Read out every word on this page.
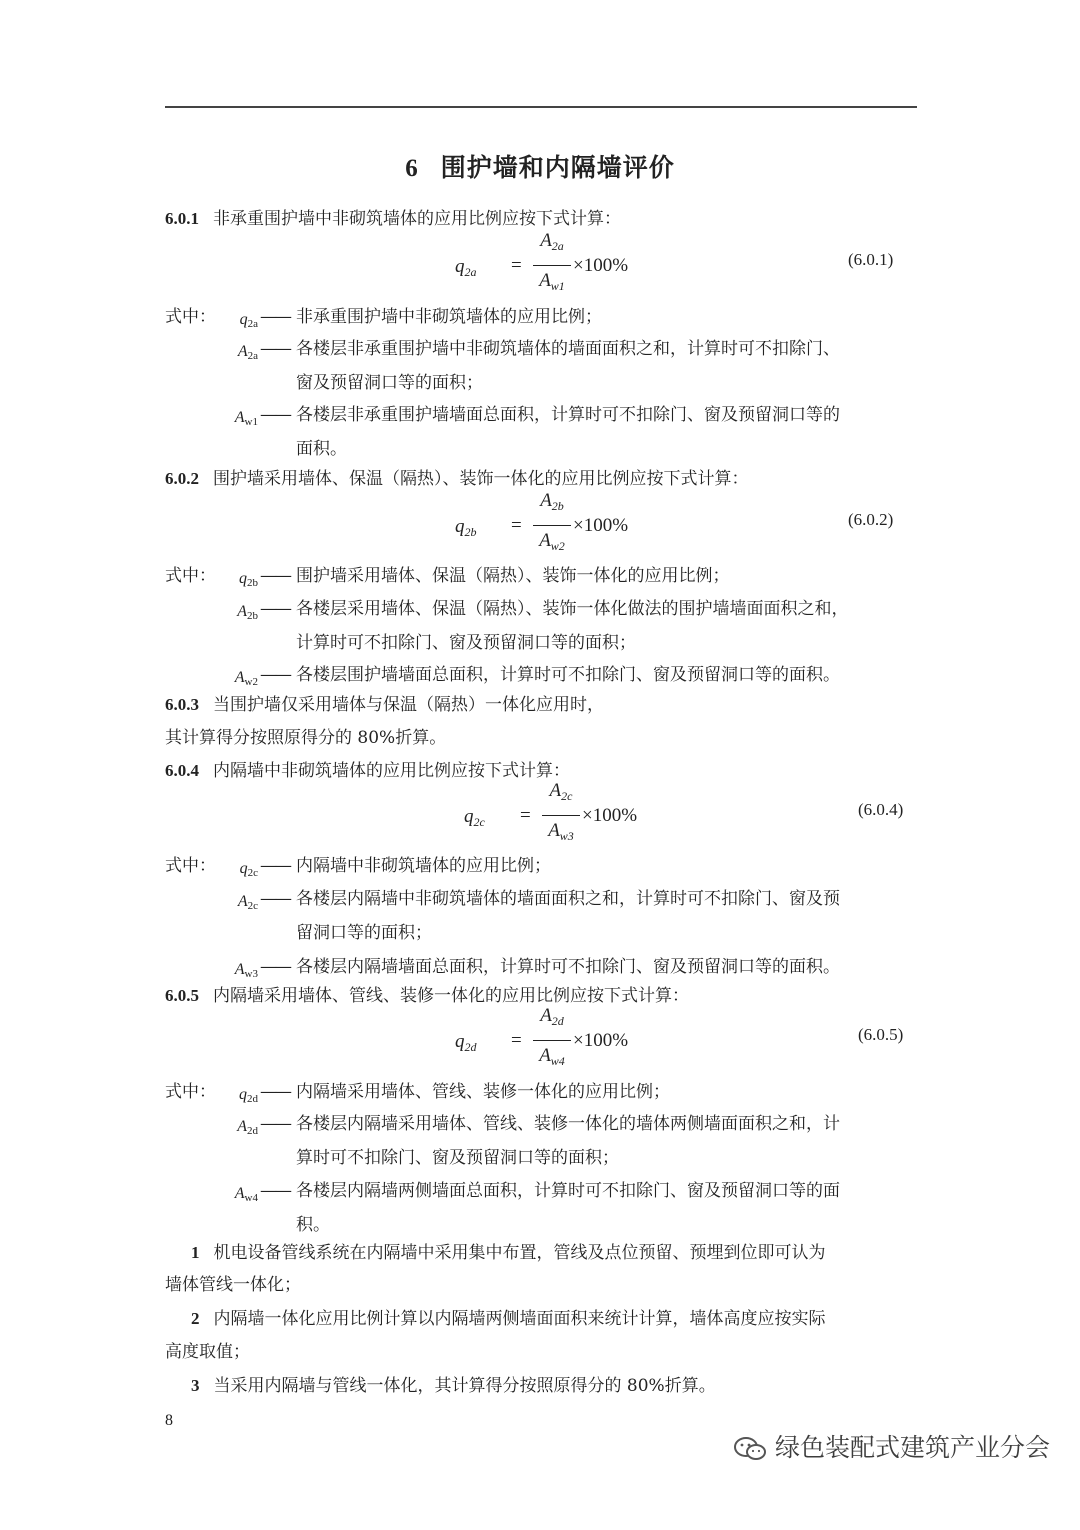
6 围护墙和内隔墙评价
6.0.1 非承重围护墙中非砌筑墙体的应用比例应按下式计算：
$q_{2a}$ =
$A_{2a}$
$A_{w1}$
×100%	(6.0.1)
式中：	$q_{2a}$ —— 非承重围护墙中非砌筑墙体的应用比例；
$A_{2a}$ —— 各楼层非承重围护墙中非砌筑墙体的墙面面积之和，计算时可不扣除门、
窗及预留洞口等的面积；
$A_{w1}$ —— 各楼层非承重围护墙墙面总面积，计算时可不扣除门、窗及预留洞口等的
面积。
6.0.2 围护墙采用墙体、保温（隔热）、装饰一体化的应用比例应按下式计算：
$q_{2b}$ =
$A_{2b}$
$A_{w2}$
×100%	(6.0.2)
式中：	$q_{2b}$ —— 围护墙采用墙体、保温（隔热）、装饰一体化的应用比例；
$A_{2b}$ —— 各楼层采用墙体、保温（隔热）、装饰一体化做法的围护墙墙面面积之和，
计算时可不扣除门、窗及预留洞口等的面积；
$A_{w2}$ —— 各楼层围护墙墙面总面积，计算时可不扣除门、窗及预留洞口等的面积。
6.0.3 当围护墙仅采用墙体与保温（隔热）一体化应用时，
其计算得分按照原得分的 80%折算。
6.0.4 内隔墙中非砌筑墙体的应用比例应按下式计算：
$q_{2c}$ =
$A_{2c}$
$A_{w3}$
×100%	(6.0.4)
式中：	$q_{2c}$ —— 内隔墙中非砌筑墙体的应用比例；
$A_{2c}$ —— 各楼层内隔墙中非砌筑墙体的墙面面积之和，计算时可不扣除门、窗及预
留洞口等的面积；
$A_{w3}$ —— 各楼层内隔墙墙面总面积，计算时可不扣除门、窗及预留洞口等的面积。
6.0.5 内隔墙采用墙体、管线、装修一体化的应用比例应按下式计算：
$q_{2d}$ =
$A_{2d}$
$A_{w4}$
×100%	(6.0.5)
式中：	$q_{2d}$ —— 内隔墙采用墙体、管线、装修一体化的应用比例；
$A_{2d}$ —— 各楼层内隔墙采用墙体、管线、装修一体化的墙体两侧墙面面积之和，计
算时可不扣除门、窗及预留洞口等的面积；
$A_{w4}$ —— 各楼层内隔墙两侧墙面总面积，计算时可不扣除门、窗及预留洞口等的面
积。
1 机电设备管线系统在内隔墙中采用集中布置，管线及点位预留、预埋到位即可认为
墙体管线一体化；
2 内隔墙一体化应用比例计算以内隔墙两侧墙面面积来统计计算，墙体高度应按实际
高度取值；
3 当采用内隔墙与管线一体化，其计算得分按照原得分的 80%折算。
8
绿色装配式建筑产业分会
